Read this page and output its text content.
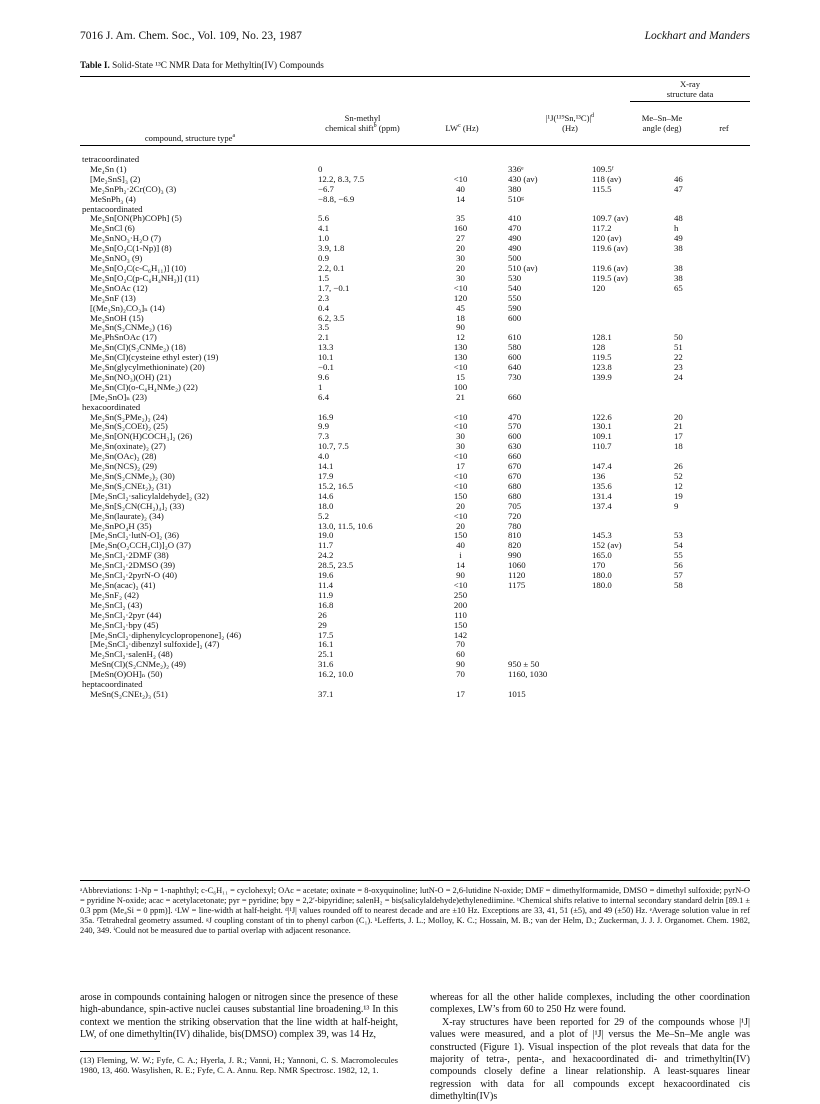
7016 J. Am. Chem. Soc., Vol. 109, No. 23, 1987	Lockhart and Manders
Table I. Solid-State ¹³C NMR Data for Methyltin(IV) Compounds
X-ray
structure data
compound, structure type$^a$
Sn-methyl
chemical shift$^b$ (ppm)	$LW^c$ (Hz)
$|^1J(^{119}Sn,^{13}C)|^d$
(Hz)
Me–Sn–Me
angle (deg)	ref
tetracoordinated					
Me₄Sn (1)	0		336ᵉ	109.5ᶠ	
[Me₂SnS]₃ (2)	12.2, 8.3, 7.5	<10	430 (av)	118 (av)	46
Me₂SnPh₂·2Cr(CO)₃ (3)	−6.7	40	380	115.5	47
MeSnPh₃ (4)	−8.8, −6.9	14	510ᵍ		
pentacoordinated					
Me₃Sn[ON(Ph)COPh] (5)	5.6	35	410	109.7 (av)	48
Me₃SnCl (6)	4.1	160	470	117.2	h
Me₃SnNO₃·H₂O (7)	1.0	27	490	120 (av)	49
Me₃Sn[O₂C(1-Np)] (8)	3.9, 1.8	20	490	119.6 (av)	38
Me₃SnNO₃ (9)	0.9	30	500		
Me₃Sn[O₂C(c-C₆H₁₁)] (10)	2.2, 0.1	20	510 (av)	119.6 (av)	38
Me₃Sn[O₂C(p-C₆H₄NH₂)] (11)	1.5	30	530	119.5 (av)	38
Me₃SnOAc (12)	1.7, −0.1	<10	540	120	65
Me₃SnF (13)	2.3	120	550		
[(Me₃Sn)₂CO₃]ₙ (14)	0.4	45	590		
Me₃SnOH (15)	6.2, 3.5	18	600		
Me₃Sn(S₂CNMe₂) (16)	3.5	90			
Me₂PhSnOAc (17)	2.1	12	610	128.1	50
Me₂Sn(Cl)(S₂CNMe₂) (18)	13.3	130	580	128	51
Me₂Sn(Cl)(cysteine ethyl ester) (19)	10.1	130	600	119.5	22
Me₂Sn(glycylmethioninate) (20)	−0.1	<10	640	123.8	23
Me₂Sn(NO₃)(OH) (21)	9.6	15	730	139.9	24
Me₂Sn(Cl)(o-C₆H₄NMe₂) (22)	1	100			
[Me₂SnO]ₙ (23)	6.4	21	660		
hexacoordinated					
Me₂Sn(S₂PMe₂)₂ (24)	16.9	<10	470	122.6	20
Me₂Sn(S₂COEt)₂ (25)	9.9	<10	570	130.1	21
Me₂Sn[ON(H)COCH₃]₂ (26)	7.3	30	600	109.1	17
Me₂Sn(oxinate)₂ (27)	10.7, 7.5	30	630	110.7	18
Me₂Sn(OAc)₂ (28)	4.0	<10	660		
Me₂Sn(NCS)₂ (29)	14.1	17	670	147.4	26
Me₂Sn(S₂CNMe₂)₂ (30)	17.9	<10	670	136	52
Me₂Sn(S₂CNEt₂)₂ (31)	15.2, 16.5	<10	680	135.6	12
[Me₂SnCl₂·salicylaldehyde]₂ (32)	14.6	150	680	131.4	19
Me₂Sn[S₂CN(CH₂)₄]₂ (33)	18.0	20	705	137.4	9
Me₂Sn(laurate)₂ (34)	5.2	<10	720		
Me₂SnPO₄H (35)	13.0, 11.5, 10.6	20	780		
[Me₂SnCl₂·lutN-O]₂ (36)	19.0	150	810	145.3	53
[Me₂Sn(O₂CCH₂Cl)]₂O (37)	11.7	40	820	152 (av)	54
Me₂SnCl₂·2DMF (38)	24.2	i	990	165.0	55
Me₂SnCl₂·2DMSO (39)	28.5, 23.5	14	1060	170	56
Me₂SnCl₂·2pyrN-O (40)	19.6	90	1120	180.0	57
Me₂Sn(acac)₂ (41)	11.4	<10	1175	180.0	58
Me₂SnF₂ (42)	11.9	250			
Me₂SnCl₂ (43)	16.8	200			
Me₂SnCl₂·2pyr (44)	26	110			
Me₂SnCl₂·bpy (45)	29	150			
[Me₂SnCl₂·diphenylcyclopropenone]₂ (46)	17.5	142			
[Me₂SnCl₂·dibenzyl sulfoxide]₂ (47)	16.1	70			
Me₂SnCl₂·salenH₂ (48)	25.1	60			
MeSn(Cl)(S₂CNMe₂)₂ (49)	31.6	90	950 ± 50		
[MeSn(O)OH]ₙ (50)	16.2, 10.0	70	1160, 1030		
heptacoordinated					
MeSn(S₂CNEt₂)₃ (51)	37.1	17	1015		
ᵃAbbreviations: 1-Np = 1-naphthyl; c-C₆H₁₁ = cyclohexyl; OAc = acetate; oxinate = 8-oxyquinoline; lutN-O = 2,6-lutidine N-oxide; DMF = dimethylformamide, DMSO = dimethyl sulfoxide; pyrN-O = pyridine N-oxide; acac = acetylacetonate; pyr = pyridine; bpy = 2,2′-bipyridine; salenH₂ = bis(salicylaldehyde)ethylenediimine. ᵇChemical shifts relative to internal secondary standard delrin [89.1 ± 0.3 ppm (Me₄Si = 0 ppm)]. ᶜLW = line-width at half-height. ᵈ|¹J| values rounded off to nearest decade and are ±10 Hz. Exceptions are 33, 41, 51 (±5), and 49 (±50) Hz. ᵉAverage solution value in ref 35a. ᶠTetrahedral geometry assumed. ᵍJ coupling constant of tin to phenyl carbon (C₁). ʰLefferts, J. L.; Molloy, K. C.; Hossain, M. B.; van der Helm, D.; Zuckerman, J. J. J. Organomet. Chem. 1982, 240, 349. ⁱCould not be measured due to partial overlap with adjacent resonance.
arose in compounds containing halogen or nitrogen since the presence of these high-abundance, spin-active nuclei causes substantial line broadening.¹³ In this context we mention the striking observation that the line width at half-height, LW, of one dimethyltin(IV) dihalide, bis(DMSO) complex 39, was 14 Hz,
(13) Fleming, W. W.; Fyfe, C. A.; Hyerla, J. R.; Vanni, H.; Yannoni, C. S. Macromolecules 1980, 13, 460. Wasylishen, R. E.; Fyfe, C. A. Annu. Rep. NMR Spectrosc. 1982, 12, 1.
whereas for all the other halide complexes, including the other coordination complexes, LW’s from 60 to 250 Hz were found.
X-ray structures have been reported for 29 of the compounds whose |¹J| values were measured, and a plot of |¹J| versus the Me–Sn–Me angle was constructed (Figure 1). Visual inspection of the plot reveals that data for the majority of tetra-, penta-, and hexacoordinated di- and trimethyltin(IV) compounds closely define a linear relationship. A least-squares linear regression with data for all compounds except hexacoordinated cis dimethyltin(IV)s
